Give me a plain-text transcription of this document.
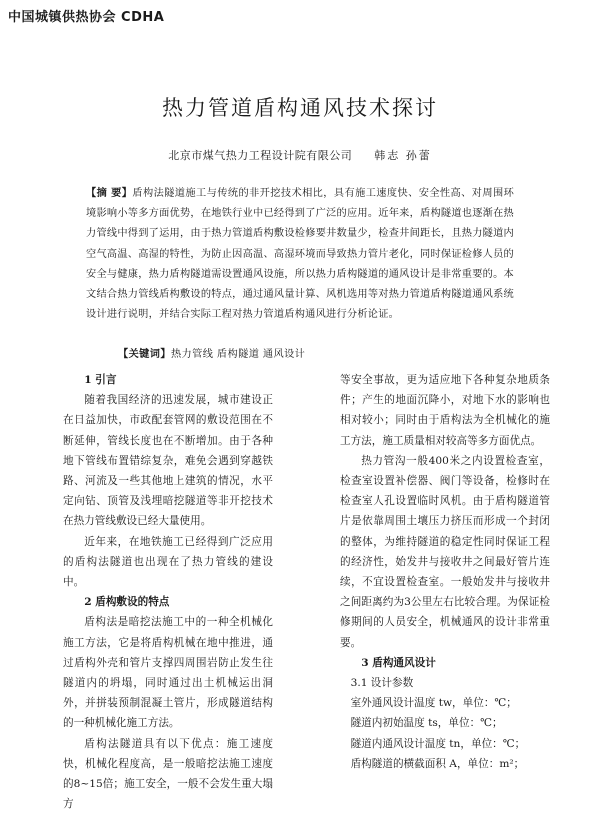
中国城镇供热协会 CDHA
热力管道盾构通风技术探讨
北京市煤气热力工程设计院有限公司 韩志 孙蕾
【摘 要】盾构法隧道施工与传统的非开挖技术相比，具有施工速度快、安全性高、对周围环境影响小等多方面优势，在地铁行业中已经得到了广泛的应用。近年来，盾构隧道也逐渐在热力管线中得到了运用，由于热力管道盾构敷设检修要井数量少，检查井间距长，且热力隧道内空气高温、高湿的特性，为防止因高温、高湿环境而导致热力管片老化，同时保证检修人员的安全与健康，热力盾构隧道需设置通风设施，所以热力盾构隧道的通风设计是非常重要的。本文结合热力管线盾构敷设的特点，通过通风量计算、风机选用等对热力管道盾构隧道通风系统设计进行说明，并结合实际工程对热力管道盾构通风进行分析论证。
【关键词】热力管线 盾构隧道 通风设计
1 引言

随着我国经济的迅速发展，城市建设正在日益加快，市政配套管网的敷设范围在不断延伸，管线长度也在不断增加。由于各种地下管线布置错综复杂，难免会遇到穿越铁路、河流及一些其他地上建筑的情况，水平定向钻、顶管及浅埋暗挖隧道等非开挖技术在热力管线敷设已经大量使用。

近年来，在地铁施工已经得到广泛应用的盾构法隧道也出现在了热力管线的建设中。

2 盾构敷设的特点

盾构法是暗挖法施工中的一种全机械化施工方法，它是将盾构机械在地中推进，通过盾构外壳和管片支撑四周围岩防止发生往隧道内的坍塌，同时通过出土机械运出洞外，并拼装预制混凝土管片，形成隧道结构的一种机械化施工方法。

盾构法隧道具有以下优点：施工速度快，机械化程度高，是一般暗挖法施工速度的8~15倍；施工安全，一般不会发生重大塌方

等安全事故，更为适应地下各种复杂地质条件；产生的地面沉降小，对地下水的影响也相对较小；同时由于盾构法为全机械化的施工方法，施工质量相对较高等多方面优点。

热力管沟一般400米之内设置检查室，检查室设置补偿器、阀门等设备，检修时在检查室人孔设置临时风机。由于盾构隧道管片是依靠周围土壤压力挤压而形成一个封闭的整体，为维持隧道的稳定性同时保证工程的经济性，始发井与接收井之间最好管片连续，不宜设置检查室。一般始发井与接收井之间距离约为3公里左右比较合理。为保证检修期间的人员安全，机械通风的设计非常重要。

3 盾构通风设计

3.1 设计参数

室外通风设计温度 tw，单位：℃；

隧道内初始温度 ts，单位：℃；

隧道内通风设计温度 tn，单位：℃；

盾构隧道的横截面积 A，单位：m²；
